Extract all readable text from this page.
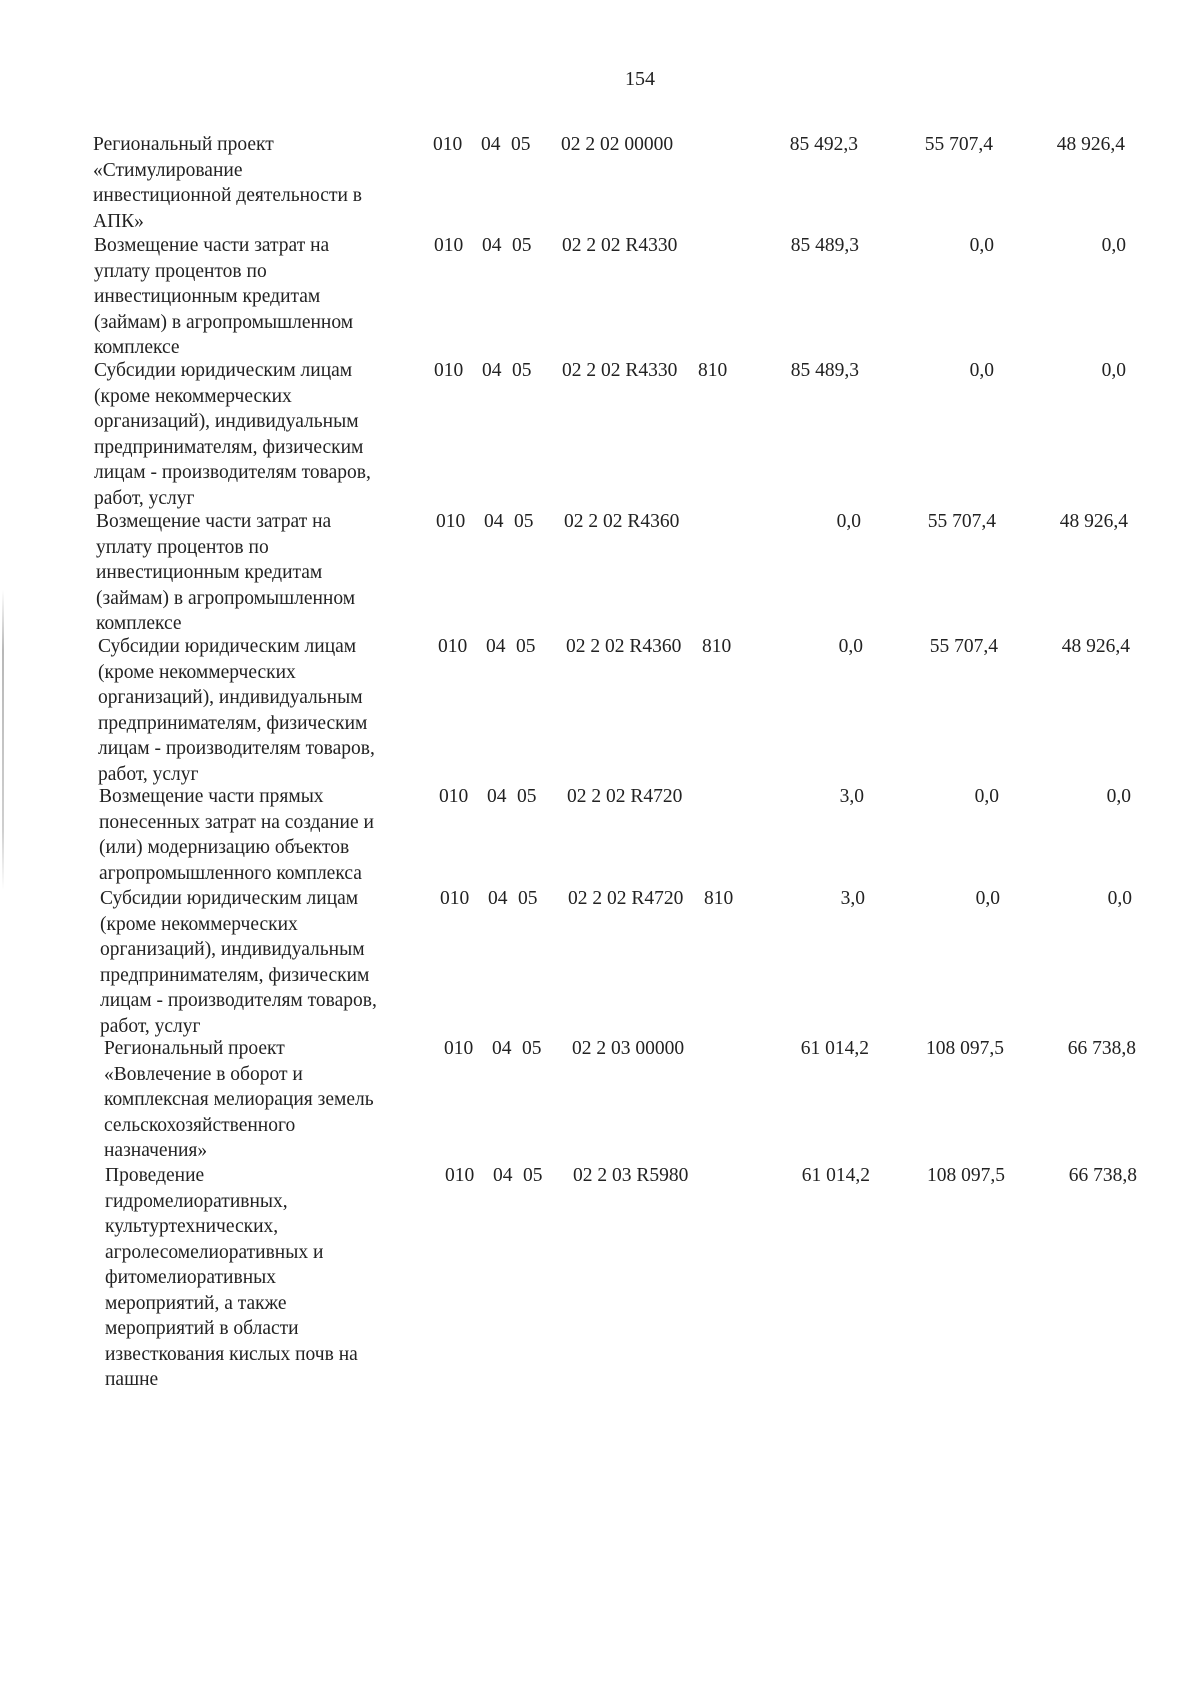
154
Региональный проект
«Стимулирование
инвестиционной деятельности в
АПК»
010 04 05 02 2 02 00000	85 492,3	55 707,4	48 926,4
Возмещение части затрат на
уплату процентов по
инвестиционным кредитам
(займам) в агропромышленном
комплексе
010 04 05 02 2 02 R4330	85 489,3	0,0	0,0
Субсидии юридическим лицам
(кроме некоммерческих
организаций), индивидуальным
предпринимателям, физическим
лицам - производителям товаров,
работ, услуг
010 04 05 02 2 02 R4330 810	85 489,3	0,0	0,0
Возмещение части затрат на
уплату процентов по
инвестиционным кредитам
(займам) в агропромышленном
комплексе
010 04 05 02 2 02 R4360	0,0	55 707,4	48 926,4
Субсидии юридическим лицам
(кроме некоммерческих
организаций), индивидуальным
предпринимателям, физическим
лицам - производителям товаров,
работ, услуг
010 04 05 02 2 02 R4360 810	0,0	55 707,4	48 926,4
Возмещение части прямых
понесенных затрат на создание и
(или) модернизацию объектов
агропромышленного комплекса
010 04 05 02 2 02 R4720	3,0	0,0	0,0
Субсидии юридическим лицам
(кроме некоммерческих
организаций), индивидуальным
предпринимателям, физическим
лицам - производителям товаров,
работ, услуг
010 04 05 02 2 02 R4720 810	3,0	0,0	0,0
Региональный проект
«Вовлечение в оборот и
комплексная мелиорация земель
сельскохозяйственного
назначения»
010 04 05 02 2 03 00000	61 014,2	108 097,5	66 738,8
Проведение
гидромелиоративных,
культуртехнических,
агролесомелиоративных и
фитомелиоративных
мероприятий, а также
мероприятий в области
известкования кислых почв на
пашне
010 04 05 02 2 03 R5980	61 014,2	108 097,5	66 738,8
